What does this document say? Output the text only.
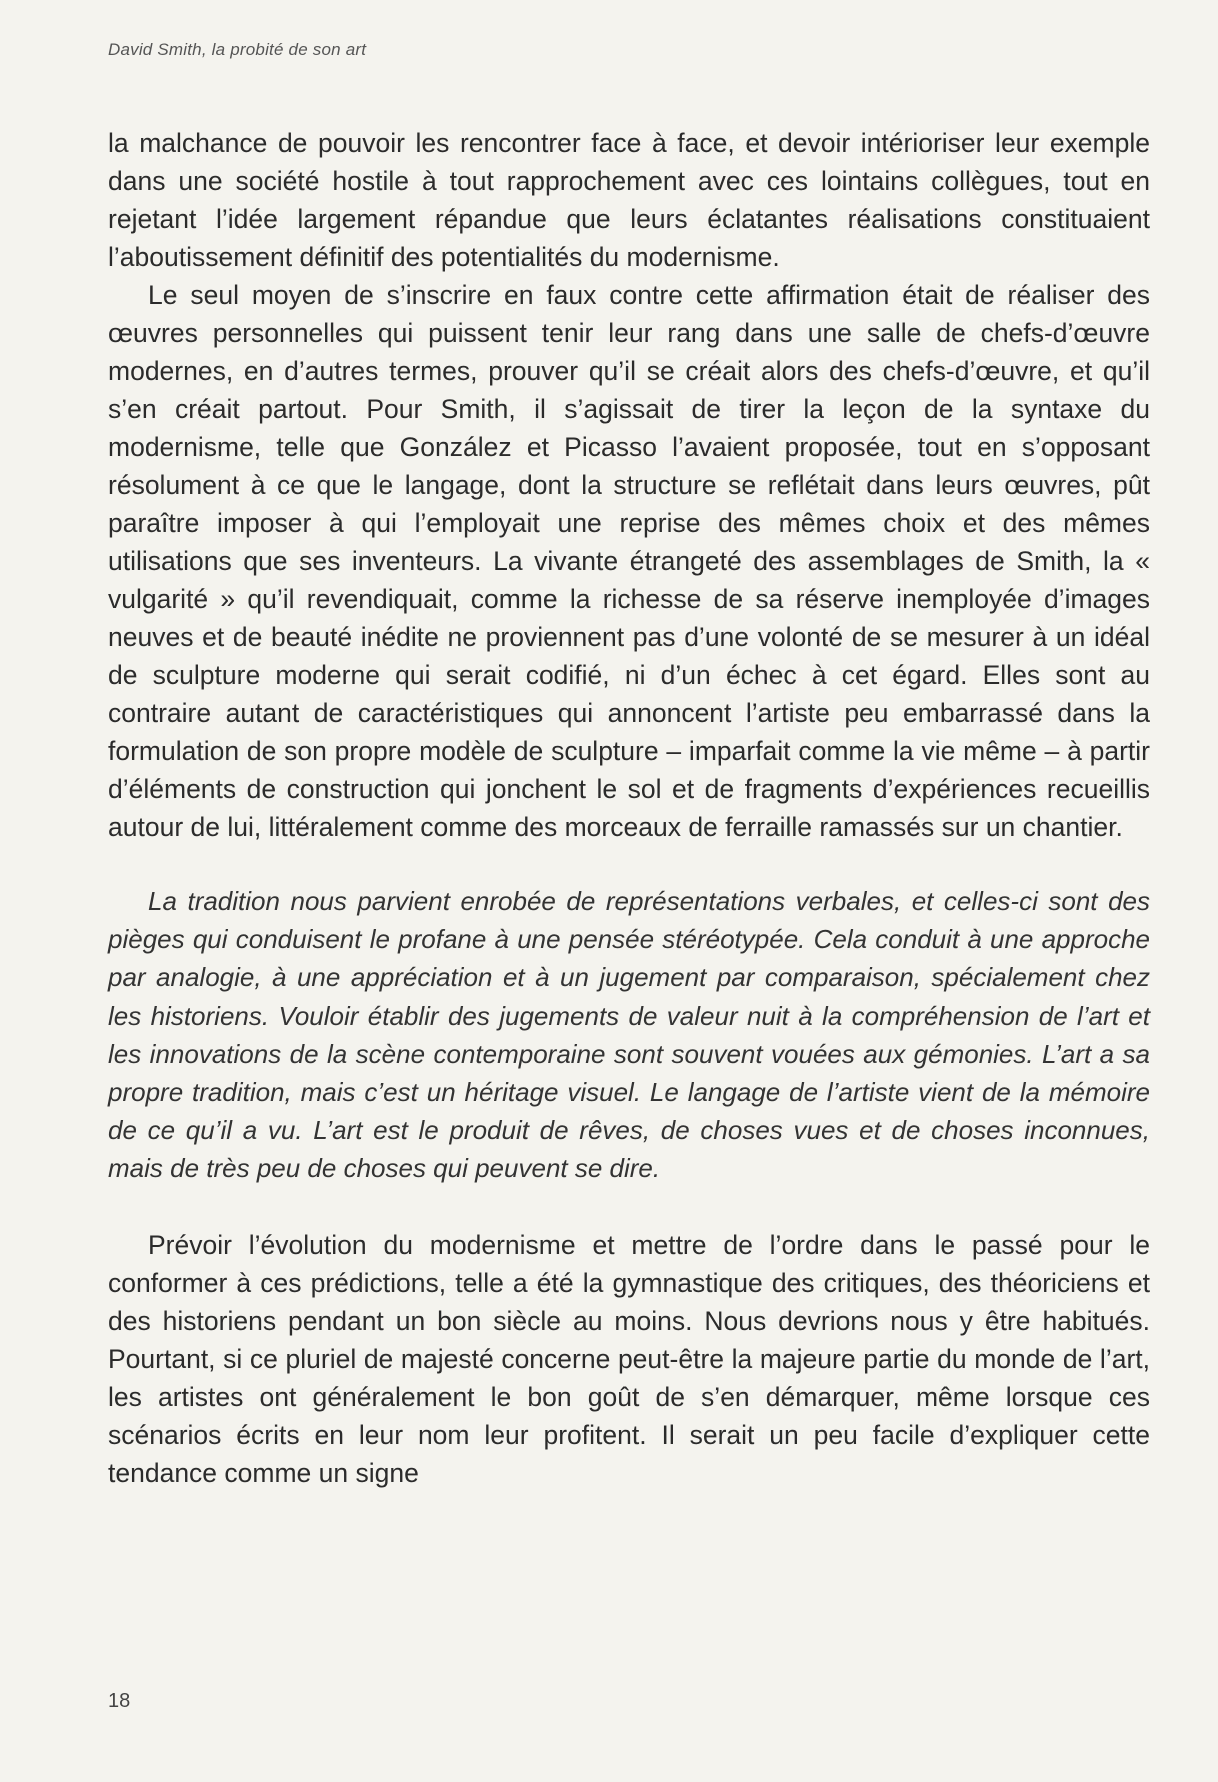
David Smith, la probité de son art

la malchance de pouvoir les rencontrer face à face, et devoir intérioriser leur exemple dans une société hostile à tout rapprochement avec ces lointains collègues, tout en rejetant l’idée largement répandue que leurs éclatantes réalisations constituaient l’aboutissement définitif des potentialités du modernisme.

Le seul moyen de s’inscrire en faux contre cette affirmation était de réaliser des œuvres personnelles qui puissent tenir leur rang dans une salle de chefs-d’œuvre modernes, en d’autres termes, prouver qu’il se créait alors des chefs-d’œuvre, et qu’il s’en créait partout. Pour Smith, il s’agissait de tirer la leçon de la syntaxe du modernisme, telle que González et Picasso l’avaient proposée, tout en s’opposant résolument à ce que le langage, dont la structure se reflétait dans leurs œuvres, pût paraître imposer à qui l’employait une reprise des mêmes choix et des mêmes utilisations que ses inventeurs. La vivante étrangeté des assemblages de Smith, la « vulgarité » qu’il revendiquait, comme la richesse de sa réserve inemployée d’images neuves et de beauté inédite ne proviennent pas d’une volonté de se mesurer à un idéal de sculpture moderne qui serait codifié, ni d’un échec à cet égard. Elles sont au contraire autant de caractéristiques qui annoncent l’artiste peu embarrassé dans la formulation de son propre modèle de sculpture – imparfait comme la vie même – à partir d’éléments de construction qui jonchent le sol et de fragments d’expériences recueillis autour de lui, littéralement comme des morceaux de ferraille ramassés sur un chantier.

La tradition nous parvient enrobée de représentations verbales, et celles-ci sont des pièges qui conduisent le profane à une pensée stéréotypée. Cela conduit à une approche par analogie, à une appréciation et à un jugement par comparaison, spécialement chez les historiens. Vouloir établir des jugements de valeur nuit à la compréhension de l’art et les innovations de la scène contemporaine sont souvent vouées aux gémonies. L’art a sa propre tradition, mais c’est un héritage visuel. Le langage de l’artiste vient de la mémoire de ce qu’il a vu. L’art est le produit de rêves, de choses vues et de choses inconnues, mais de très peu de choses qui peuvent se dire.

Prévoir l’évolution du modernisme et mettre de l’ordre dans le passé pour le conformer à ces prédictions, telle a été la gymnastique des critiques, des théoriciens et des historiens pendant un bon siècle au moins. Nous devrions nous y être habitués. Pourtant, si ce pluriel de majesté concerne peut-être la majeure partie du monde de l’art, les artistes ont généralement le bon goût de s’en démarquer, même lorsque ces scénarios écrits en leur nom leur profitent. Il serait un peu facile d’expliquer cette tendance comme un signe

18
